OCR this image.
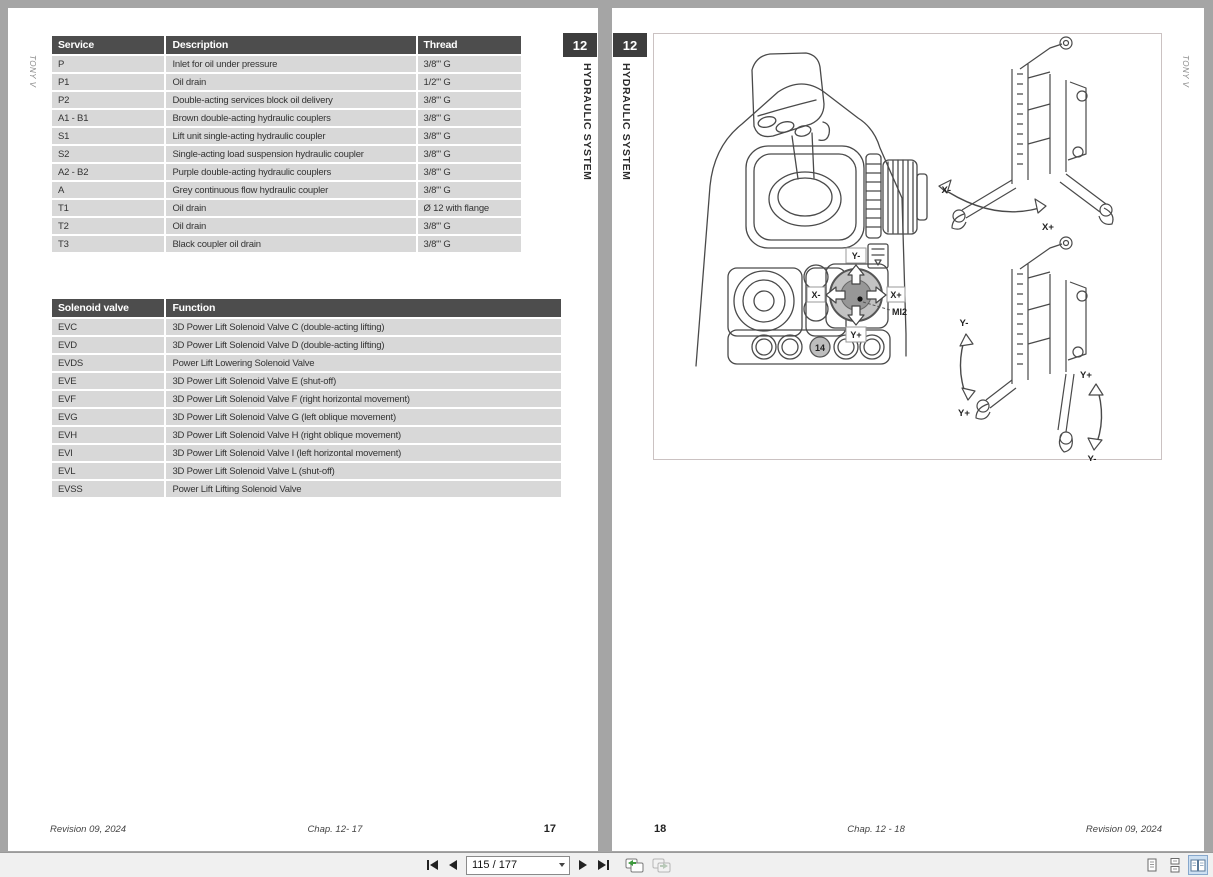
TONY V
Service	Description	Thread
P	Inlet for oil under pressure	3/8"' G
P1	Oil drain	1/2"' G
P2	Double-acting services block oil delivery	3/8"' G
A1 - B1	Brown double-acting hydraulic couplers	3/8"' G
S1	Lift unit single-acting hydraulic coupler	3/8"' G
S2	Single-acting load suspension hydraulic coupler	3/8"' G
A2 - B2	Purple double-acting hydraulic couplers	3/8"' G
A	Grey continuous flow hydraulic coupler	3/8"' G
T1	Oil drain	Ø 12 with flange
T2	Oil drain	3/8"' G
T3	Black coupler oil drain	3/8"' G
Solenoid valve	Function
EVC	3D Power Lift Solenoid Valve C (double-acting lifting)
EVD	3D Power Lift Solenoid Valve D (double-acting lifting)
EVDS	Power Lift Lowering Solenoid Valve
EVE	3D Power Lift Solenoid Valve E (shut-off)
EVF	3D Power Lift Solenoid Valve F (right horizontal movement)
EVG	3D Power Lift Solenoid Valve G (left oblique movement)
EVH	3D Power Lift Solenoid Valve H (right oblique movement)
EVI	3D Power Lift Solenoid Valve I (left horizontal movement)
EVL	3D Power Lift Solenoid Valve L (shut-off)
EVSS	Power Lift Lifting Solenoid Valve
12
HYDRAULIC SYSTEM
Revision 09, 2024	Chap. 12- 17	17
12
HYDRAULIC SYSTEM	TONY V
Y-
X-	X+
Y+
MI2
14
X-
X+
Y-
Y+
Y+
Y-
18	Chap. 12 - 18	Revision 09, 2024
115 / 177
